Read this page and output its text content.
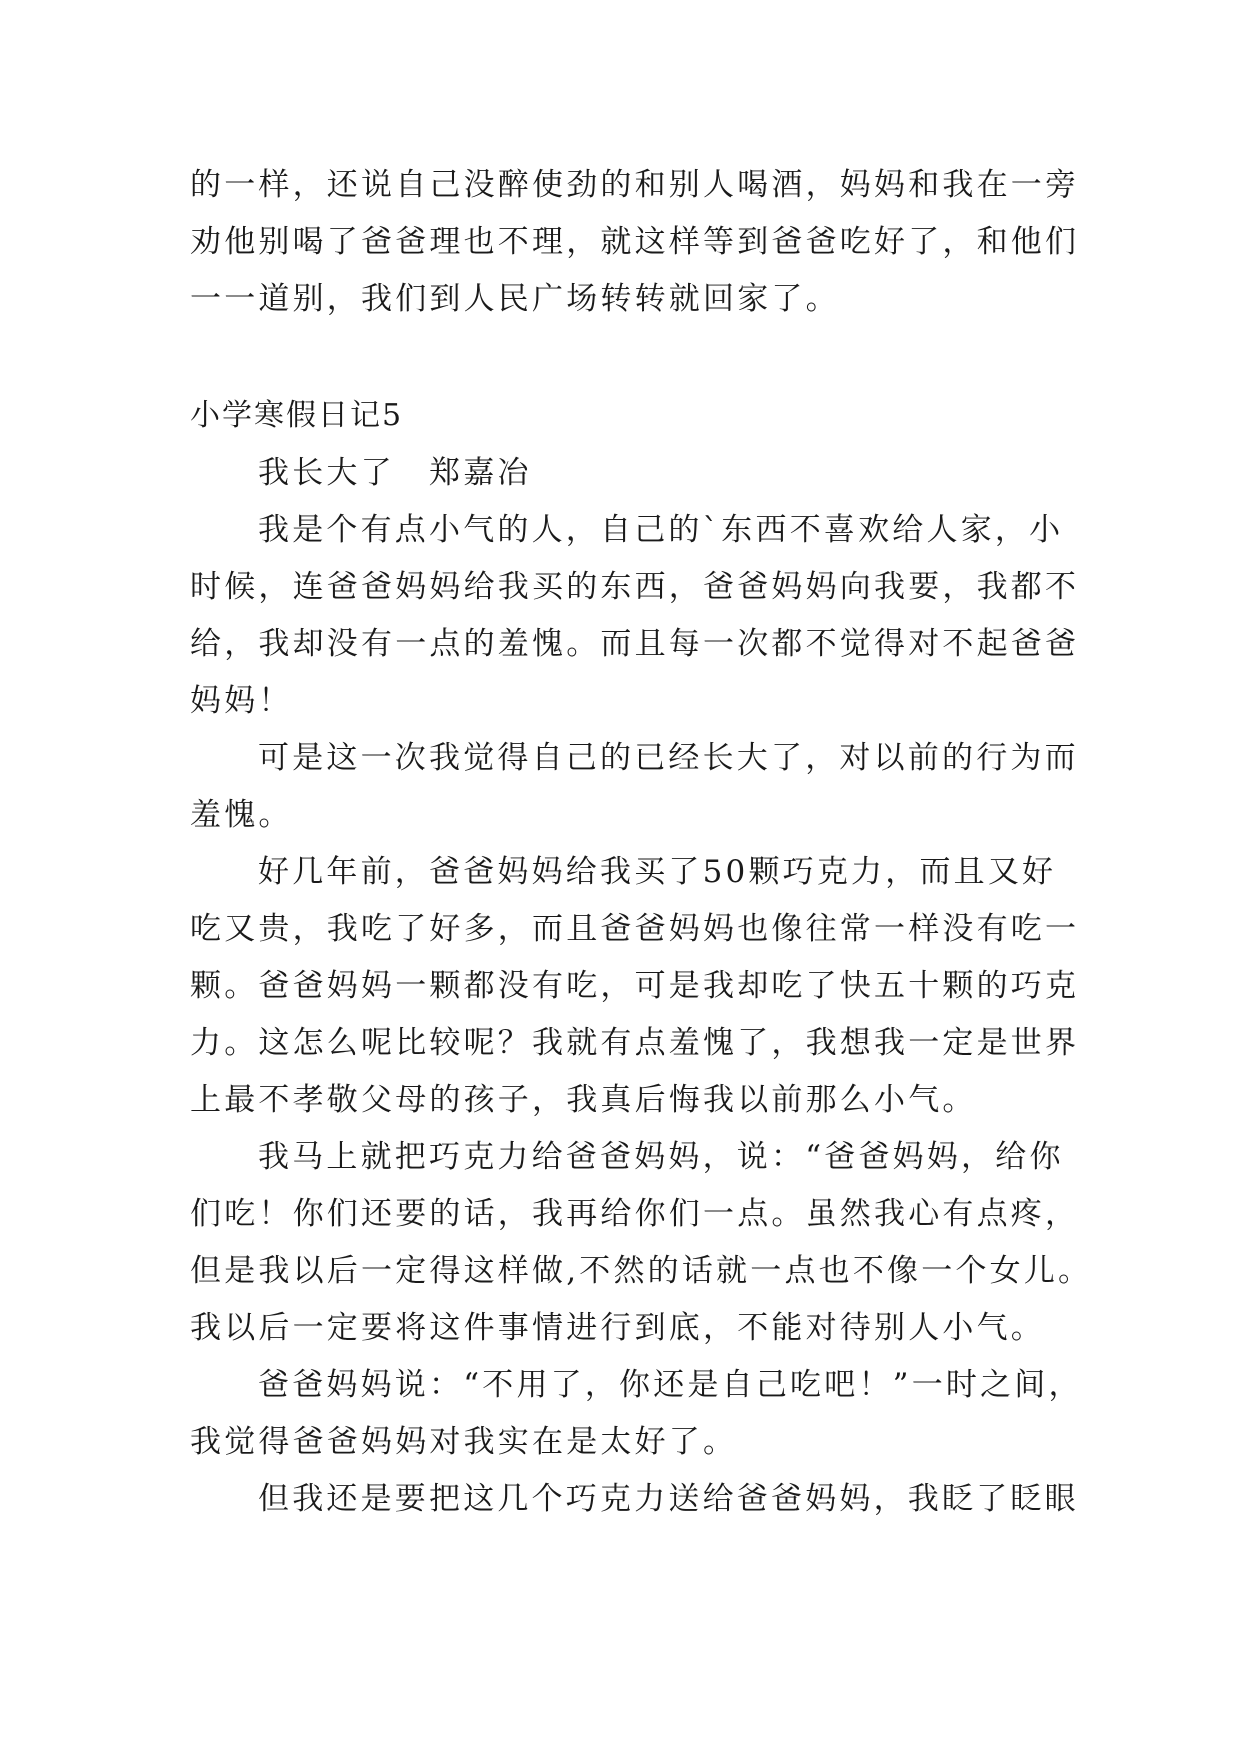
的一样，还说自己没醉使劲的和别人喝酒，妈妈和我在一旁
劝他别喝了爸爸理也不理，就这样等到爸爸吃好了，和他们
一一道别，我们到人民广场转转就回家了。
小学寒假日记5
我长大了　郑嘉冶
我是个有点小气的人，自己的`东西不喜欢给人家，小
时候，连爸爸妈妈给我买的东西，爸爸妈妈向我要，我都不
给，我却没有一点的羞愧。而且每一次都不觉得对不起爸爸
妈妈！
可是这一次我觉得自己的已经长大了，对以前的行为而
羞愧。
好几年前，爸爸妈妈给我买了50颗巧克力，而且又好
吃又贵，我吃了好多，而且爸爸妈妈也像往常一样没有吃一
颗。爸爸妈妈一颗都没有吃，可是我却吃了快五十颗的巧克
力。这怎么呢比较呢？我就有点羞愧了，我想我一定是世界
上最不孝敬父母的孩子，我真后悔我以前那么小气。
我马上就把巧克力给爸爸妈妈，说：“爸爸妈妈，给你
们吃！你们还要的话，我再给你们一点。虽然我心有点疼，
但是我以后一定得这样做,不然的话就一点也不像一个女儿。
我以后一定要将这件事情进行到底，不能对待别人小气。
爸爸妈妈说：“不用了，你还是自己吃吧！”一时之间，
我觉得爸爸妈妈对我实在是太好了。
但我还是要把这几个巧克力送给爸爸妈妈，我眨了眨眼
